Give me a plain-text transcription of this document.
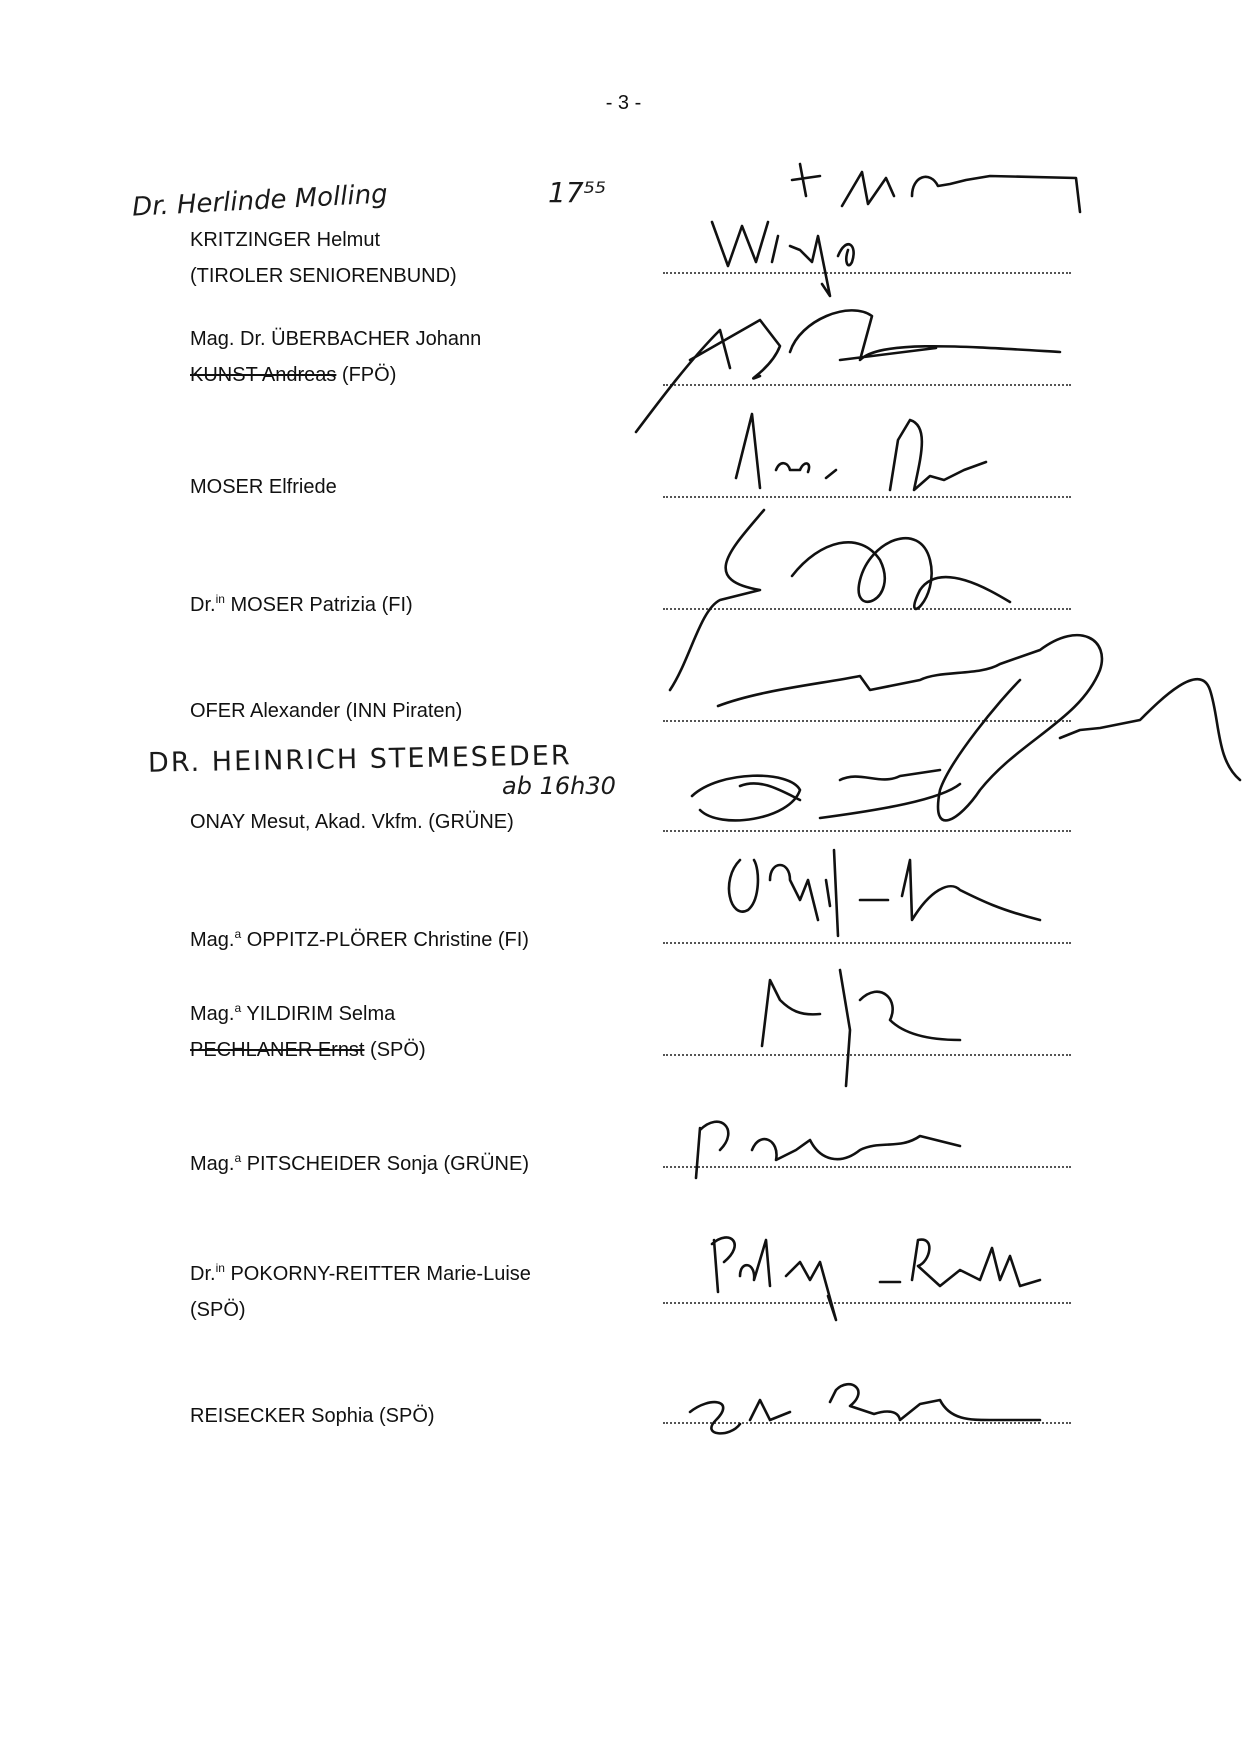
- 3 -
Dr. Herlinde Molling	17⁵⁵
DR. HEINRICH STEMESEDER
ab 16h30
KRITZINGER Helmut
(TIROLER SENIORENBUND)
Mag. Dr. ÜBERBACHER Johann
KUNST Andreas (FPÖ)
MOSER Elfriede
Dr.$^{in}$ MOSER Patrizia (FI)
OFER Alexander (INN Piraten)
ONAY Mesut, Akad. Vkfm. (GRÜNE)
Mag.$^a$ OPPITZ-PLÖRER Christine (FI)
Mag.$^a$ YILDIRIM Selma
PECHLANER Ernst (SPÖ)
Mag.$^a$ PITSCHEIDER Sonja (GRÜNE)
Dr.$^{in}$ POKORNY-REITTER Marie-Luise
(SPÖ)
REISECKER Sophia (SPÖ)
